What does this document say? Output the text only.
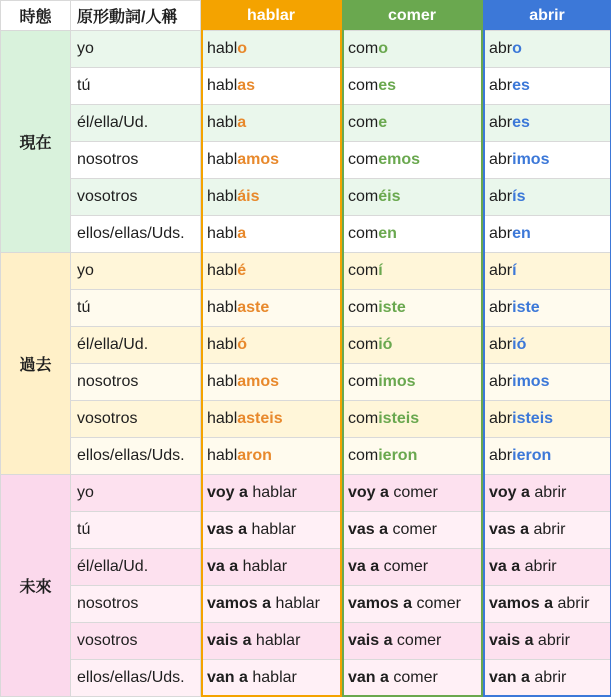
時態	原形動詞/人稱	hablar	comer	abrir
現在	yo	hablo	como	abro
	tú	hablas	comes	abres
	él/ella/Ud.	habla	come	abres
	nosotros	hablamos	comemos	abrimos
	vosotros	habláis	coméis	abrís
	ellos/ellas/Uds.	habla	comen	abren
過去	yo	hablé	comí	abrí
	tú	hablaste	comiste	abriste
	él/ella/Ud.	habló	comió	abrió
	nosotros	hablamos	comimos	abrimos
	vosotros	hablasteis	comisteis	abristeis
	ellos/ellas/Uds.	hablaron	comieron	abrieron
未來	yo	voy a hablar	voy a comer	voy a abrir
	tú	vas a hablar	vas a comer	vas a abrir
	él/ella/Ud.	va a hablar	va a comer	va a abrir
	nosotros	vamos a hablar	vamos a comer	vamos a abrir
	vosotros	vais a hablar	vais a comer	vais a abrir
	ellos/ellas/Uds.	van a hablar	van a comer	van a abrir
